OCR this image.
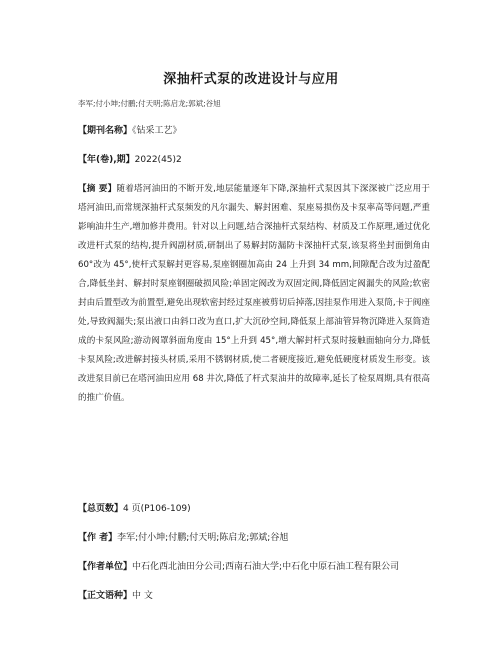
深抽杆式泵的改进设计与应用
李军;付小坤;付鹏;付天明;陈启龙;郭斌;谷旭
【期刊名称】《钻采工艺》
【年(卷),期】2022(45)2
【摘 要】随着塔河油田的不断开发,地层能量逐年下降,深抽杆式泵因其下深深被广泛应用于塔河油田,而常规深抽杆式泵频发的凡尔漏失、解封困难、泵座易损伤及卡泵率高等问题,严重影响油井生产,增加修井费用。针对以上问题,结合深抽杆式泵结构、材质及工作原理,通过优化改进杆式泵的结构,提升阀副材质,研制出了易解封防漏防卡深抽杆式泵,该泵将坐封面倒角由 60°改为 45°,使杆式泵解封更容易,泵座钢圈加高由 24 上升到 34 mm,间隙配合改为过盈配合,降低坐封、解封时泵座钢圈破损风险;单固定阀改为双固定阀,降低固定阀漏失的风险;软密封由后置型改为前置型,避免出现软密封经过泵座被剪切后掉落,因挂泵作用进入泵筒,卡于阀座处,导致阀漏失;泵出液口由斜口改为直口,扩大沉砂空间,降低泵上部油管异物沉降进入泵筒造成的卡泵风险;游动阀罩斜面角度由 15°上升到 45°,增大解封杆式泵时接触面轴向分力,降低卡泵风险;改进解封接头材质,采用不锈钢材质,使二者硬度接近,避免低硬度材质发生形变。该改进泵目前已在塔河油田应用 68 井次,降低了杆式泵油井的故障率,延长了检泵周期,具有很高的推广价值。
【总页数】4 页(P106-109)
【作 者】李军;付小坤;付鹏;付天明;陈启龙;郭斌;谷旭
【作者单位】中石化西北油田分公司;西南石油大学;中石化中原石油工程有限公司
【正文语种】中 文
